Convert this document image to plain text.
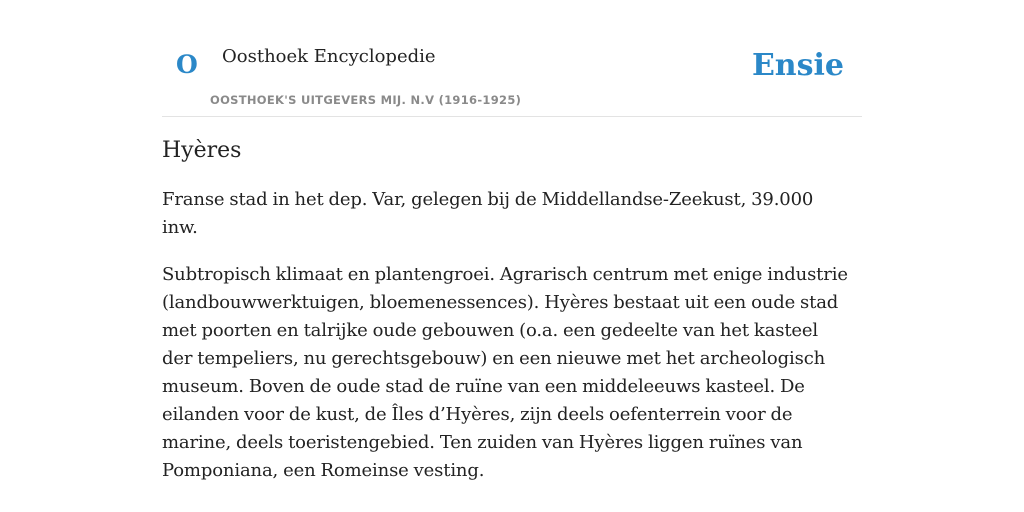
O Oosthoek Encyclopedie
OOSTHOEK'S UITGEVERS MIJ. N.V (1916-1925)
Ensie
Hyères

Franse stad in het dep. Var, gelegen bij de Middellandse-Zeekust, 39.000 inw.

Subtropisch klimaat en plantengroei. Agrarisch centrum met enige industrie (landbouwwerktuigen, bloemenessences). Hyères bestaat uit een oude stad met poorten en talrijke oude gebouwen (o.a. een gedeelte van het kasteel der tempeliers, nu gerechtsgebouw) en een nieuwe met het archeologisch museum. Boven de oude stad de ruïne van een middeleeuws kasteel. De eilanden voor de kust, de Îles d’Hyères, zijn deels oefenterrein voor de marine, deels toeristengebied. Ten zuiden van Hyères liggen ruïnes van Pomponiana, een Romeinse vesting.
